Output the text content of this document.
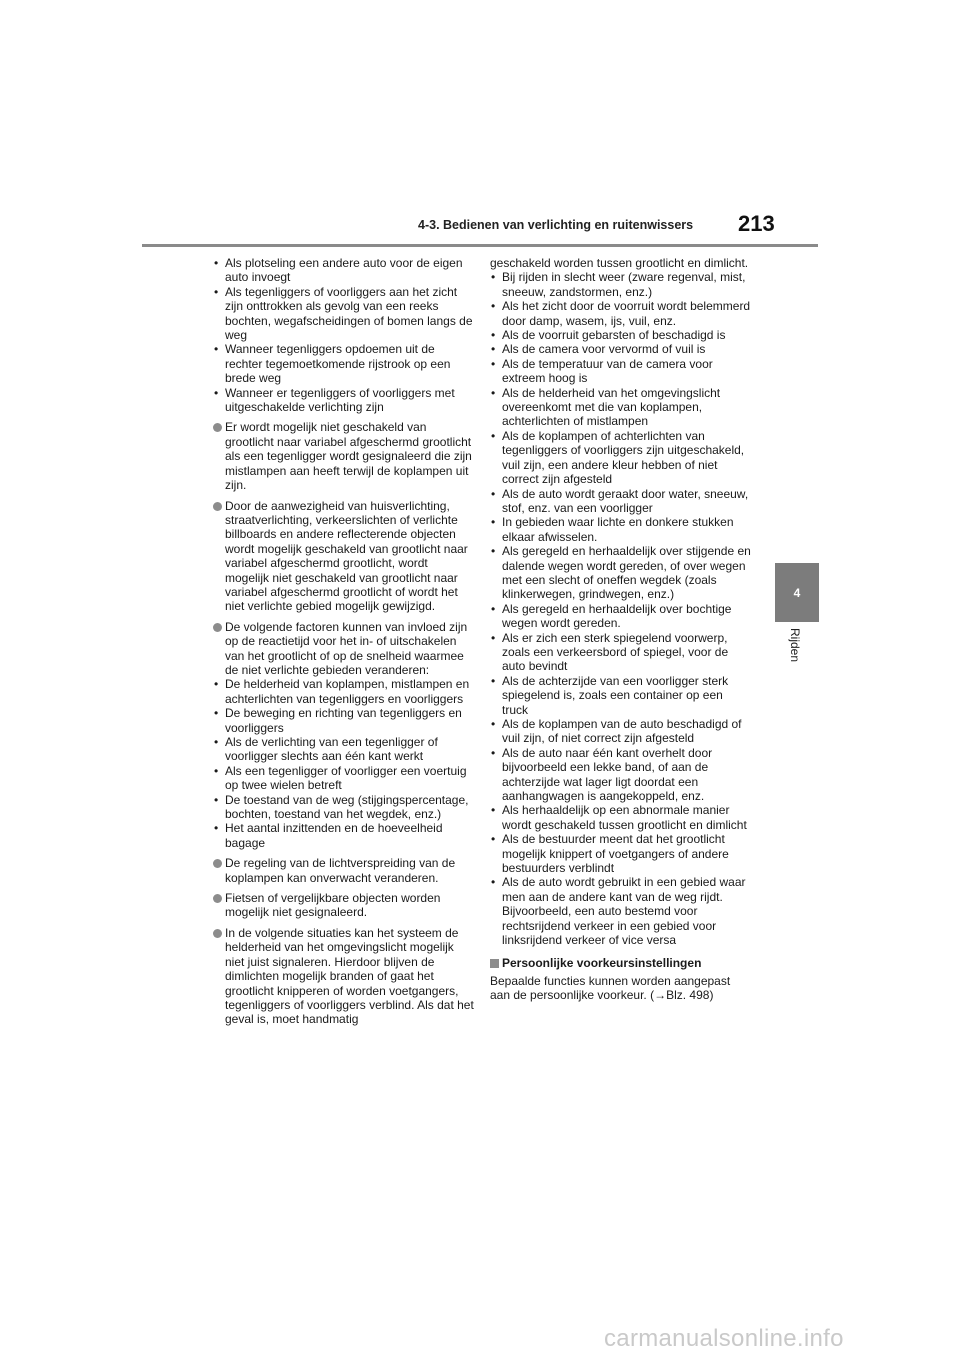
4-3. Bedienen van verlichting en ruitenwissers 213
4
Rijden

• Als plotseling een andere auto voor de eigen auto invoegt

• Als tegenliggers of voorliggers aan het zicht zijn onttrokken als gevolg van een reeks bochten, wegafscheidingen of bomen langs de weg

• Wanneer tegenliggers opdoemen uit de rechter tegemoetkomende rijstrook op een brede weg

• Wanneer er tegenliggers of voorliggers met uitgeschakelde verlichting zijn

Er wordt mogelijk niet geschakeld van grootlicht naar variabel afgeschermd grootlicht als een tegenligger wordt gesignaleerd die zijn mistlampen aan heeft terwijl de koplampen uit zijn.

Door de aanwezigheid van huisverlichting, straatverlichting, verkeerslichten of verlichte billboards en andere reflecterende objecten wordt mogelijk geschakeld van grootlicht naar variabel afgeschermd grootlicht, wordt mogelijk niet geschakeld van grootlicht naar variabel afgeschermd grootlicht of wordt het niet verlichte gebied mogelijk gewijzigd.

De volgende factoren kunnen van invloed zijn op de reactietijd voor het in- of uitschakelen van het grootlicht of op de snelheid waarmee de niet verlichte gebieden veranderen:

• De helderheid van koplampen, mistlampen en achterlichten van tegenliggers en voorliggers

• De beweging en richting van tegenliggers en voorliggers

• Als de verlichting van een tegenligger of voorligger slechts aan één kant werkt

• Als een tegenligger of voorligger een voertuig op twee wielen betreft

• De toestand van de weg (stijgingspercentage, bochten, toestand van het wegdek, enz.)

• Het aantal inzittenden en de hoeveelheid bagage

De regeling van de lichtverspreiding van de koplampen kan onverwacht veranderen.

Fietsen of vergelijkbare objecten worden mogelijk niet gesignaleerd.

In de volgende situaties kan het systeem de helderheid van het omgevingslicht mogelijk niet juist signaleren. Hierdoor blijven de dimlichten mogelijk branden of gaat het grootlicht knipperen of worden voetgangers, tegenliggers of voorliggers verblind. Als dat het geval is, moet handmatig

geschakeld worden tussen grootlicht en dimlicht.

• Bij rijden in slecht weer (zware regenval, mist, sneeuw, zandstormen, enz.)

• Als het zicht door de voorruit wordt belemmerd door damp, wasem, ijs, vuil, enz.

• Als de voorruit gebarsten of beschadigd is

• Als de camera voor vervormd of vuil is

• Als de temperatuur van de camera voor extreem hoog is

• Als de helderheid van het omgevingslicht overeenkomt met die van koplampen, achterlichten of mistlampen

• Als de koplampen of achterlichten van tegenliggers of voorliggers zijn uitgeschakeld, vuil zijn, een andere kleur hebben of niet correct zijn afgesteld

• Als de auto wordt geraakt door water, sneeuw, stof, enz. van een voorligger

• In gebieden waar lichte en donkere stukken elkaar afwisselen.

• Als geregeld en herhaaldelijk over stijgende en dalende wegen wordt gereden, of over wegen met een slecht of oneffen wegdek (zoals klinkerwegen, grindwegen, enz.)

• Als geregeld en herhaaldelijk over bochtige wegen wordt gereden.

• Als er zich een sterk spiegelend voorwerp, zoals een verkeersbord of spiegel, voor de auto bevindt

• Als de achterzijde van een voorligger sterk spiegelend is, zoals een container op een truck

• Als de koplampen van de auto beschadigd of vuil zijn, of niet correct zijn afgesteld

• Als de auto naar één kant overhelt door bijvoorbeeld een lekke band, of aan de achterzijde wat lager ligt doordat een aanhangwagen is aangekoppeld, enz.

• Als herhaaldelijk op een abnormale manier wordt geschakeld tussen grootlicht en dimlicht

• Als de bestuurder meent dat het grootlicht mogelijk knippert of voetgangers of andere bestuurders verblindt

• Als de auto wordt gebruikt in een gebied waar men aan de andere kant van de weg rijdt. Bijvoorbeeld, een auto bestemd voor rechtsrijdend verkeer in een gebied voor linksrijdend verkeer of vice versa

Persoonlijke voorkeursinstellingen

Bepaalde functies kunnen worden aangepast aan de persoonlijke voorkeur. (→Blz. 498)

carmanualsonline.info
